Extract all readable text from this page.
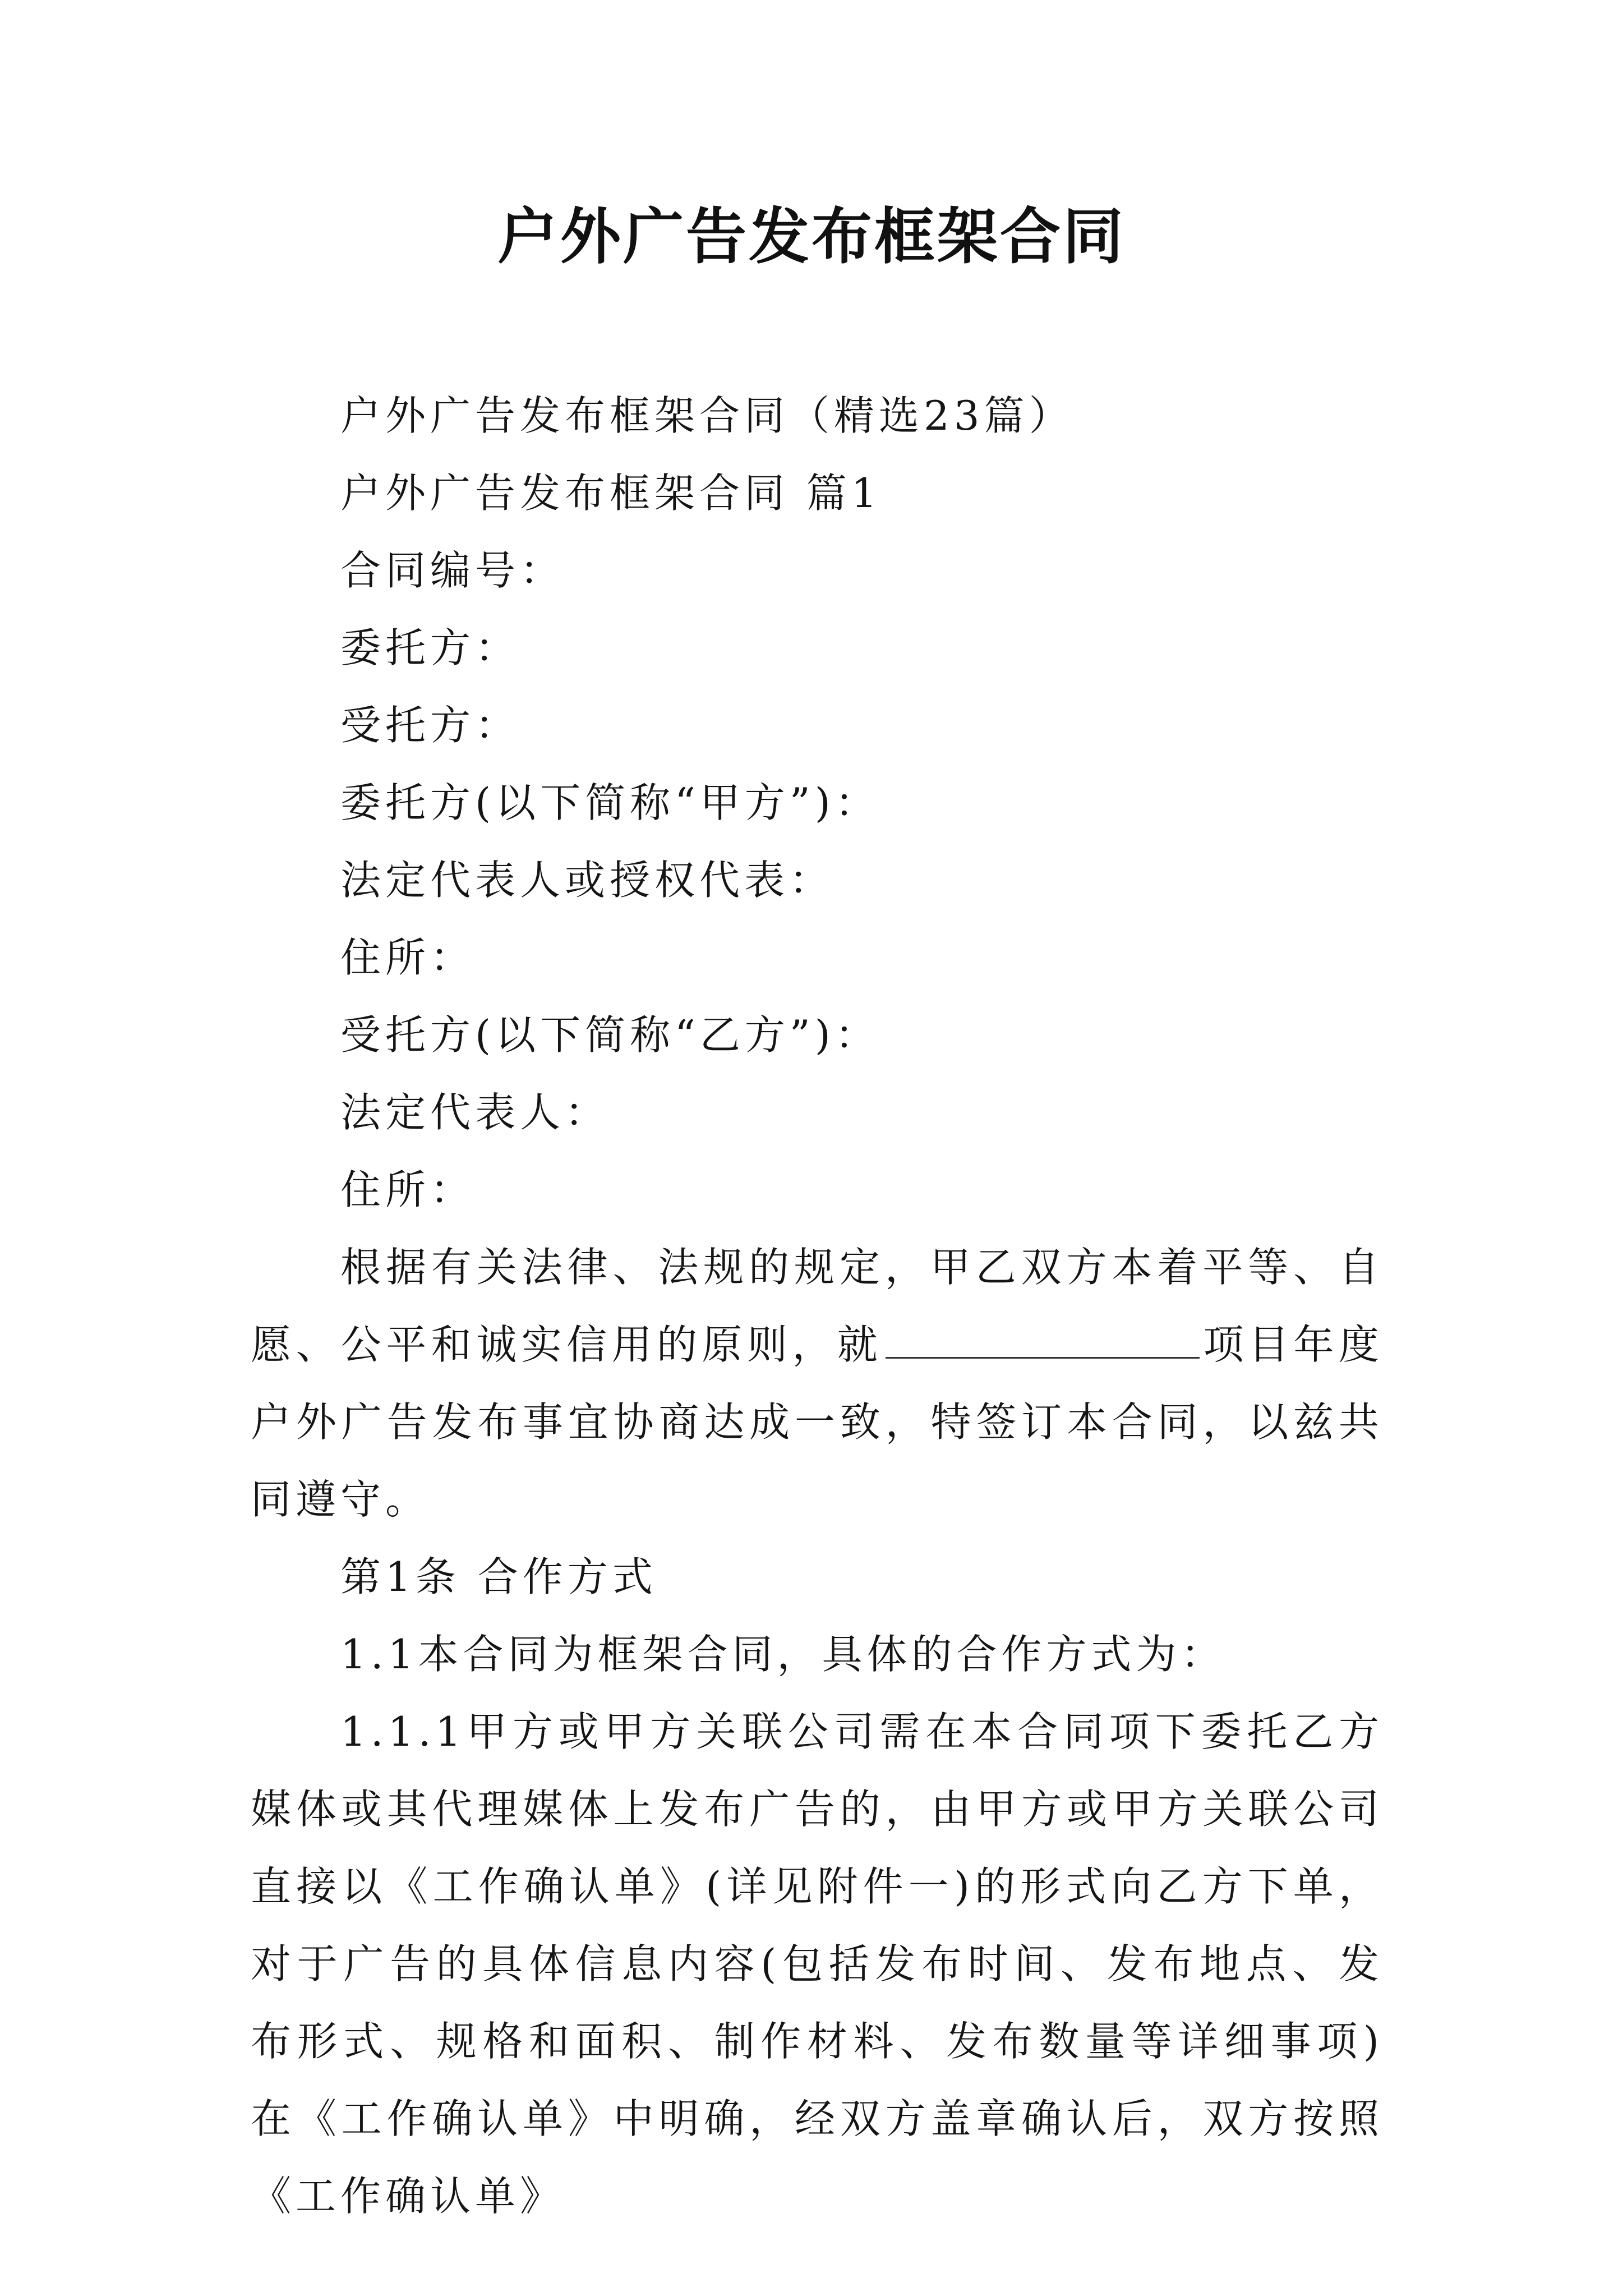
户外广告发布框架合同

户外广告发布框架合同（精选23篇）

户外广告发布框架合同 篇1

合同编号：

委托方：

受托方：

委托方(以下简称“甲方”)：

法定代表人或授权代表：

住所：

受托方(以下简称“乙方”)：

法定代表人：

住所：

根据有关法律、法规的规定，甲乙双方本着平等、自愿、公平和诚实信用的原则，就	项目年度户外广告发布事宜协商达成一致，特签订本合同，以兹共同遵守。

第1条 合作方式

1.1本合同为框架合同，具体的合作方式为：

1.1.1甲方或甲方关联公司需在本合同项下委托乙方媒体或其代理媒体上发布广告的，由甲方或甲方关联公司直接以《工作确认单》(详见附件一)的形式向乙方下单，对于广告的具体信息内容(包括发布时间、发布地点、发布形式、规格和面积、制作材料、发布数量等详细事项)在《工作确认单》中明确，经双方盖章确认后，双方按照《工作确认单》
